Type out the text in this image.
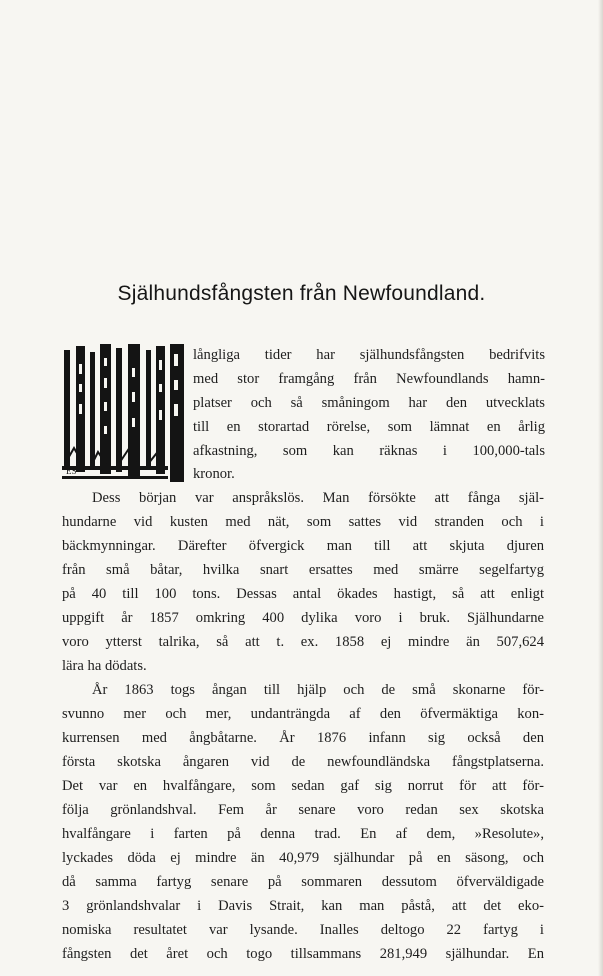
Själhundsfångsten från Newfoundland.
ES
långliga tider har själhundsfångsten bedrifvits
med stor framgång från Newfoundlands hamn-
platser och så småningom har den utvecklats
till en storartad rörelse, som lämnat en årlig
afkastning, som kan räknas i 100,000-tals
kronor.
Dess början var anspråkslös. Man försökte att fånga själ-
hundarne vid kusten med nät, som sattes vid stranden och i
bäckmynningar. Därefter öfvergick man till att skjuta djuren
från små båtar, hvilka snart ersattes med smärre segelfartyg
på 40 till 100 tons. Dessas antal ökades hastigt, så att enligt
uppgift år 1857 omkring 400 dylika voro i bruk. Själhundarne
voro ytterst talrika, så att t. ex. 1858 ej mindre än 507,624
lära ha dödats.
År 1863 togs ångan till hjälp och de små skonarne för-
svunno mer och mer, undanträngda af den öfvermäktiga kon-
kurrensen med ångbåtarne. År 1876 infann sig också den
första skotska ångaren vid de newfoundländska fångstplatserna.
Det var en hvalfångare, som sedan gaf sig norrut för att för-
följa grönlandshval. Fem år senare voro redan sex skotska
hvalfångare i farten på denna trad. En af dem, »Resolute»,
lyckades döda ej mindre än 40,979 själhundar på en säsong, och
då samma fartyg senare på sommaren dessutom öfverväldigade
3 grönlandshvalar i Davis Strait, kan man påstå, att det eko-
nomiska resultatet var lysande. Inalles deltogo 22 fartyg i
fångsten det året och togo tillsammans 281,949 själhundar. En
